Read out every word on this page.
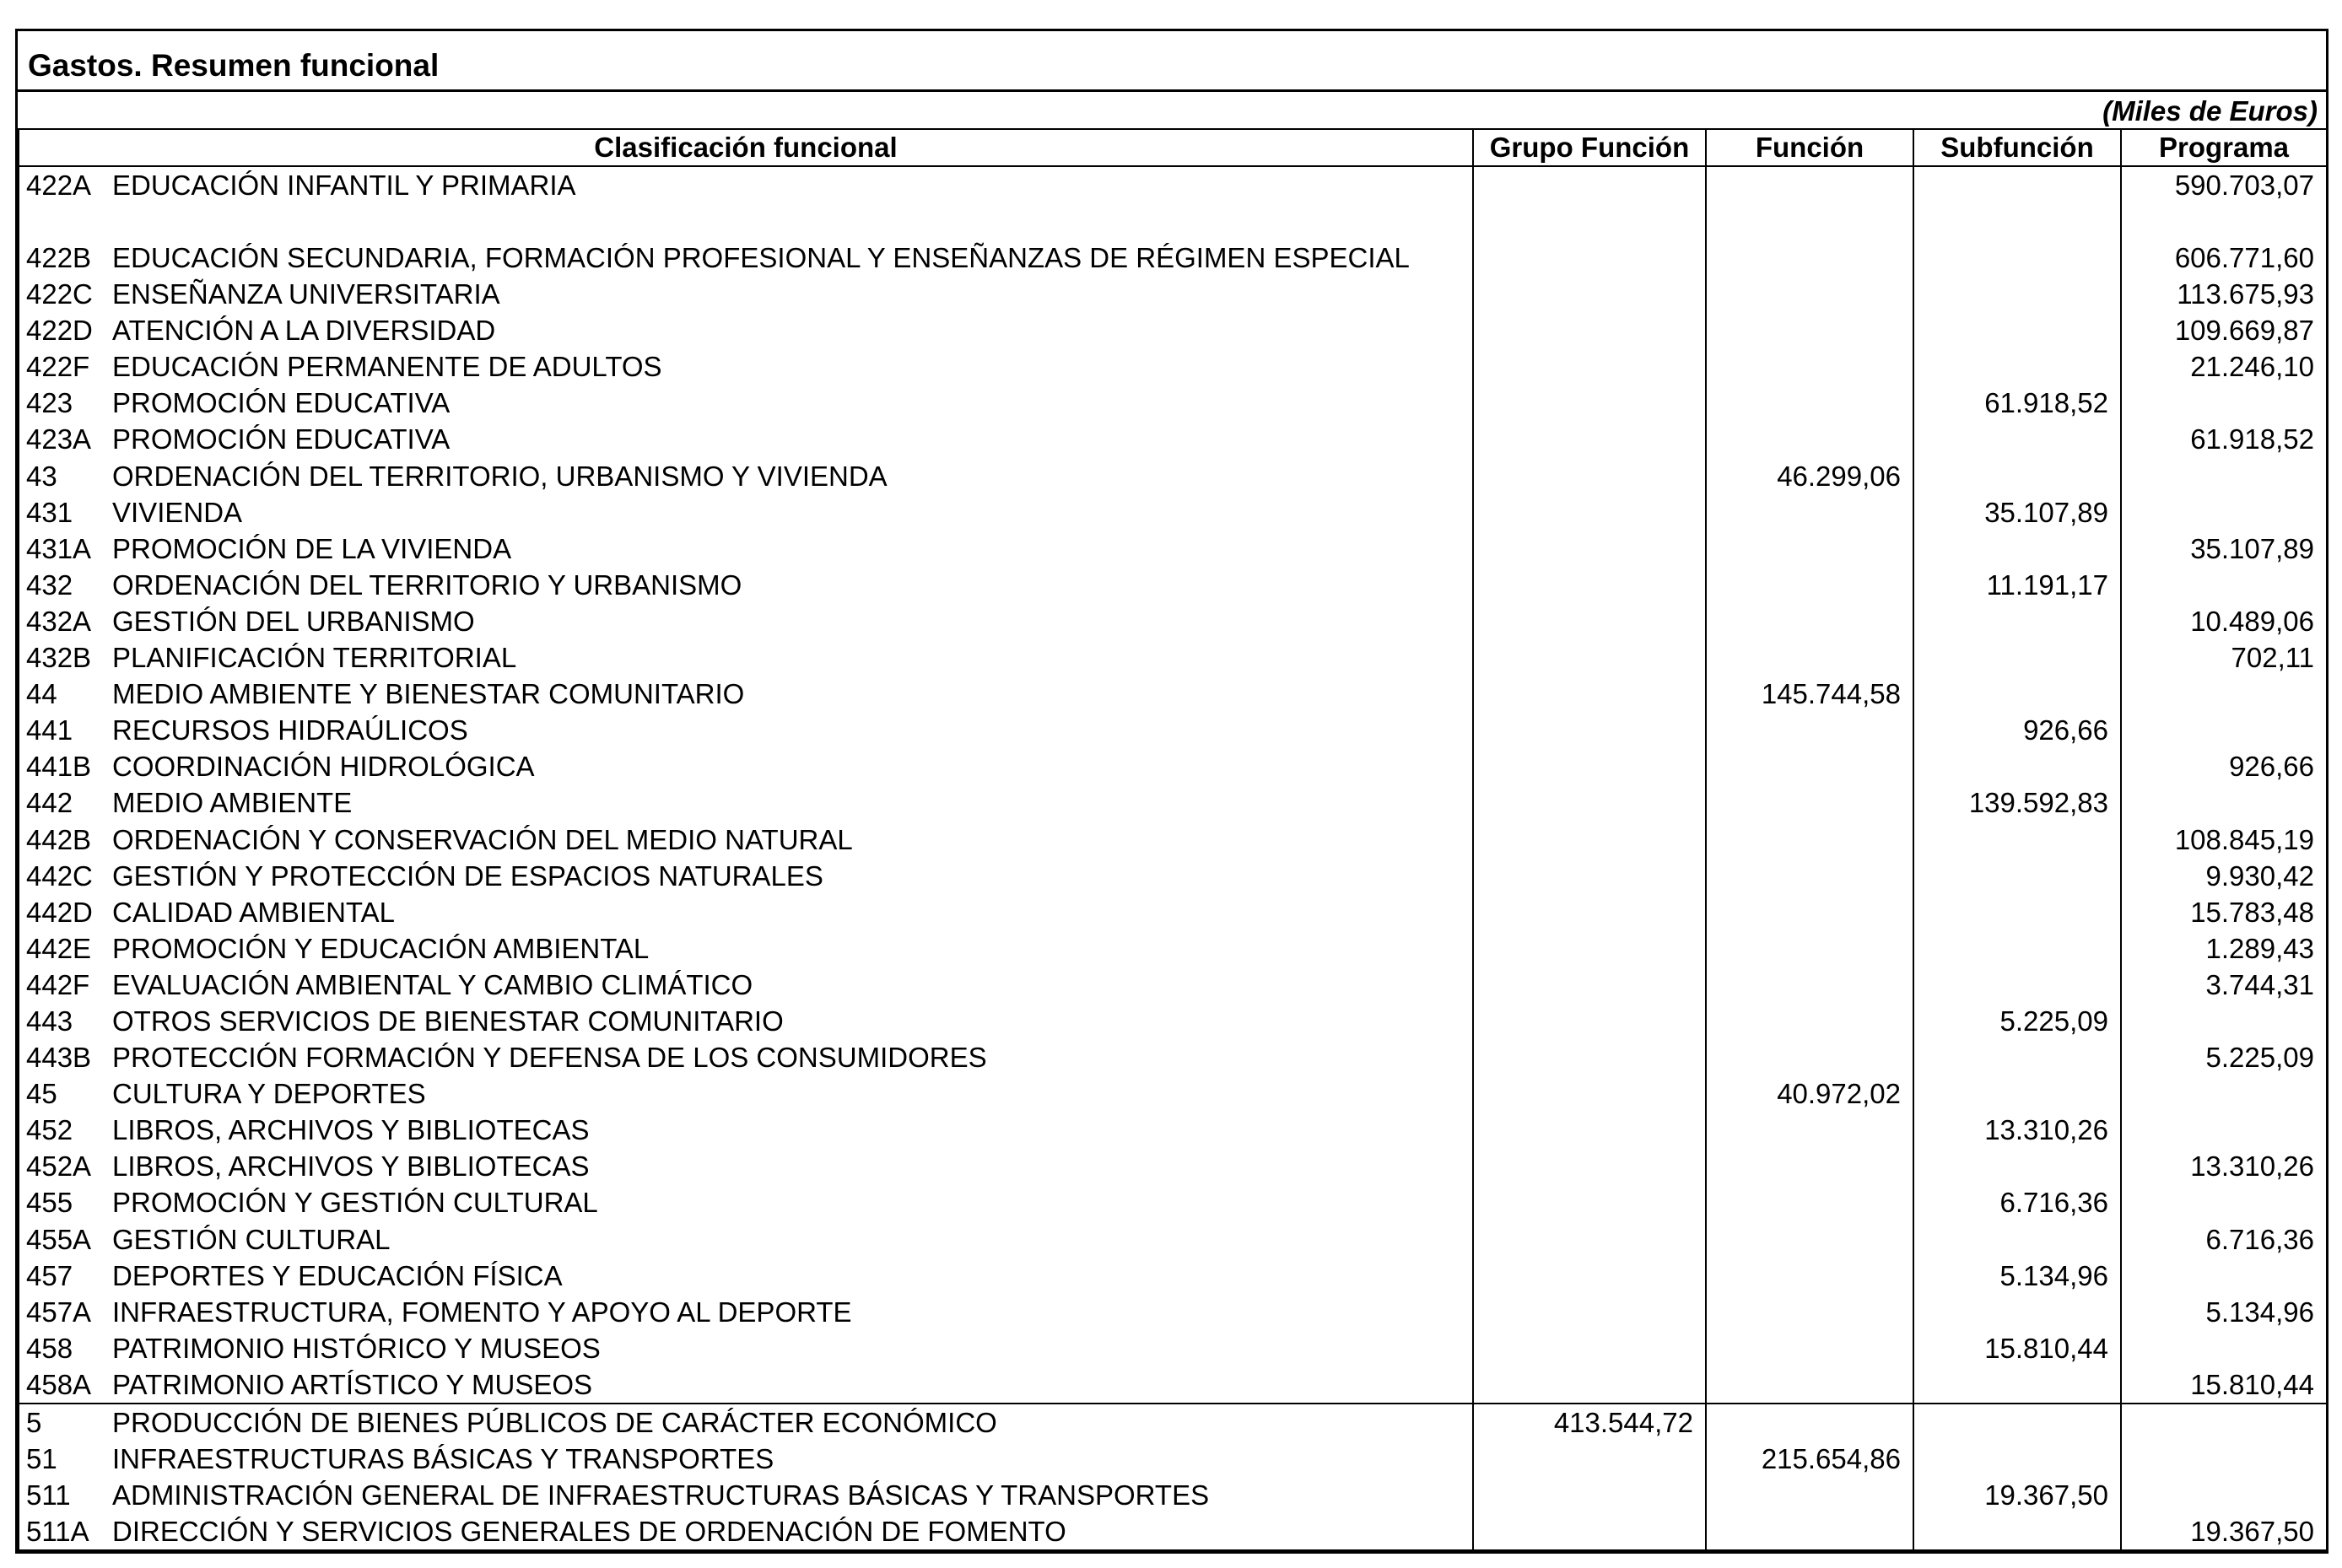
Gastos. Resumen funcional
(Miles de Euros)
Clasificación funcional	Grupo Función	Función	Subfunción	Programa
422A EDUCACIÓN INFANTIL Y PRIMARIA				590.703,07
422B EDUCACIÓN SECUNDARIA, FORMACIÓN PROFESIONAL Y ENSEÑANZAS DE RÉGIMEN ESPECIAL				606.771,60
422C ENSEÑANZA UNIVERSITARIA				113.675,93
422D ATENCIÓN A LA DIVERSIDAD				109.669,87
422F EDUCACIÓN PERMANENTE DE ADULTOS				21.246,10
423 PROMOCIÓN EDUCATIVA			61.918,52	
423A PROMOCIÓN EDUCATIVA				61.918,52
43 ORDENACIÓN DEL TERRITORIO, URBANISMO Y VIVIENDA		46.299,06		
431 VIVIENDA			35.107,89	
431A PROMOCIÓN DE LA VIVIENDA				35.107,89
432 ORDENACIÓN DEL TERRITORIO Y URBANISMO			11.191,17	
432A GESTIÓN DEL URBANISMO				10.489,06
432B PLANIFICACIÓN TERRITORIAL				702,11
44 MEDIO AMBIENTE Y BIENESTAR COMUNITARIO		145.744,58		
441 RECURSOS HIDRAÚLICOS			926,66	
441B COORDINACIÓN HIDROLÓGICA				926,66
442 MEDIO AMBIENTE			139.592,83	
442B ORDENACIÓN Y CONSERVACIÓN DEL MEDIO NATURAL				108.845,19
442C GESTIÓN Y PROTECCIÓN DE ESPACIOS NATURALES				9.930,42
442D CALIDAD AMBIENTAL				15.783,48
442E PROMOCIÓN Y EDUCACIÓN AMBIENTAL				1.289,43
442F EVALUACIÓN AMBIENTAL Y CAMBIO CLIMÁTICO				3.744,31
443 OTROS SERVICIOS DE BIENESTAR COMUNITARIO			5.225,09	
443B PROTECCIÓN FORMACIÓN Y DEFENSA DE LOS CONSUMIDORES				5.225,09
45 CULTURA Y DEPORTES		40.972,02		
452 LIBROS, ARCHIVOS Y BIBLIOTECAS			13.310,26	
452A LIBROS, ARCHIVOS Y BIBLIOTECAS				13.310,26
455 PROMOCIÓN Y GESTIÓN CULTURAL			6.716,36	
455A GESTIÓN CULTURAL				6.716,36
457 DEPORTES Y EDUCACIÓN FÍSICA			5.134,96	
457A INFRAESTRUCTURA, FOMENTO Y APOYO AL DEPORTE				5.134,96
458 PATRIMONIO HISTÓRICO Y MUSEOS			15.810,44	
458A PATRIMONIO ARTÍSTICO Y MUSEOS				15.810,44
5 PRODUCCIÓN DE BIENES PÚBLICOS DE CARÁCTER ECONÓMICO	413.544,72			
51 INFRAESTRUCTURAS BÁSICAS Y TRANSPORTES		215.654,86		
511 ADMINISTRACIÓN GENERAL DE INFRAESTRUCTURAS BÁSICAS Y TRANSPORTES			19.367,50	
511A DIRECCIÓN Y SERVICIOS GENERALES DE ORDENACIÓN DE FOMENTO				19.367,50
